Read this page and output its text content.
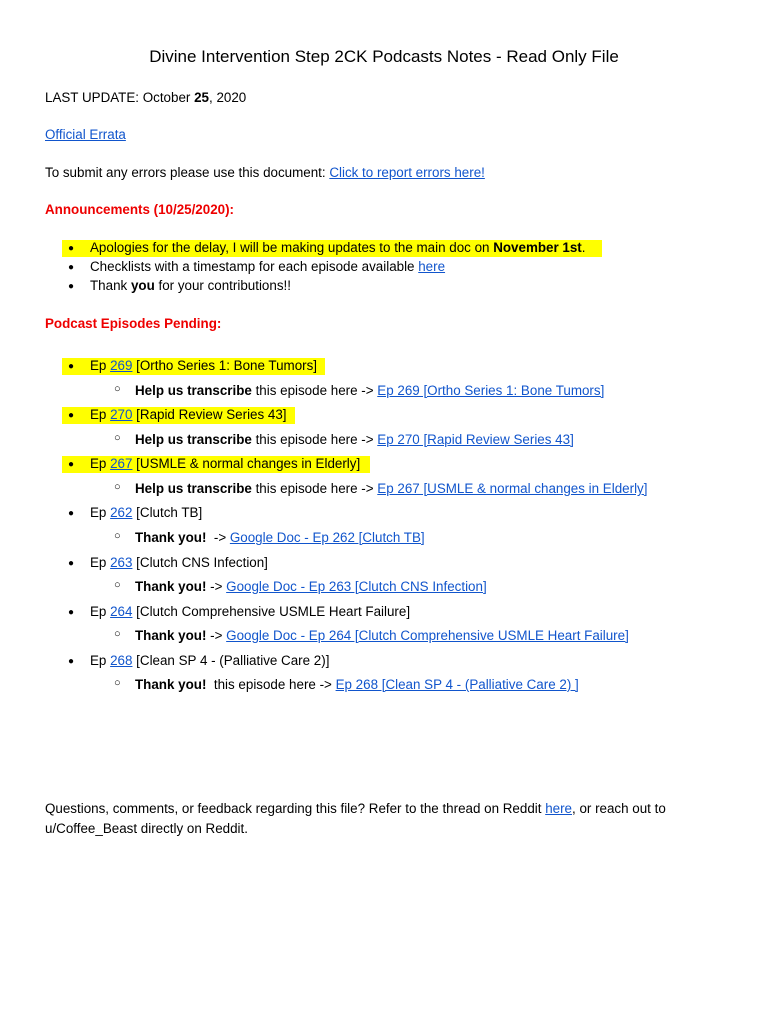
Divine Intervention Step 2CK Podcasts Notes - Read Only File
LAST UPDATE: October 25, 2020
Official Errata
To submit any errors please use this document: Click to report errors here!
Announcements (10/25/2020):
●	Apologies for the delay, I will be making updates to the main doc on November 1st.
●	Checklists with a timestamp for each episode available here
●	Thank you for your contributions!!
Podcast Episodes Pending:
●	Ep 269 [Ortho Series 1: Bone Tumors]
○	Help us transcribe this episode here -> Ep 269 [Ortho Series 1: Bone Tumors]
●	Ep 270 [Rapid Review Series 43]
○	Help us transcribe this episode here -> Ep 270 [Rapid Review Series 43]
●	Ep 267 [USMLE & normal changes in Elderly]
○	Help us transcribe this episode here -> Ep 267 [USMLE & normal changes in Elderly]
●	Ep 262 [Clutch TB]
○	Thank you!  -> Google Doc - Ep 262 [Clutch TB]
●	Ep 263 [Clutch CNS Infection]
○	Thank you! -> Google Doc - Ep 263 [Clutch CNS Infection]
●	Ep 264 [Clutch Comprehensive USMLE Heart Failure]
○	Thank you! -> Google Doc - Ep 264 [Clutch Comprehensive USMLE Heart Failure]
●	Ep 268 [Clean SP 4 - (Palliative Care 2)]
○	Thank you!  this episode here -> Ep 268 [Clean SP 4 - (Palliative Care 2) ]
Questions, comments, or feedback regarding this file? Refer to the thread on Reddit here, or reach out to u/Coffee_Beast directly on Reddit.
